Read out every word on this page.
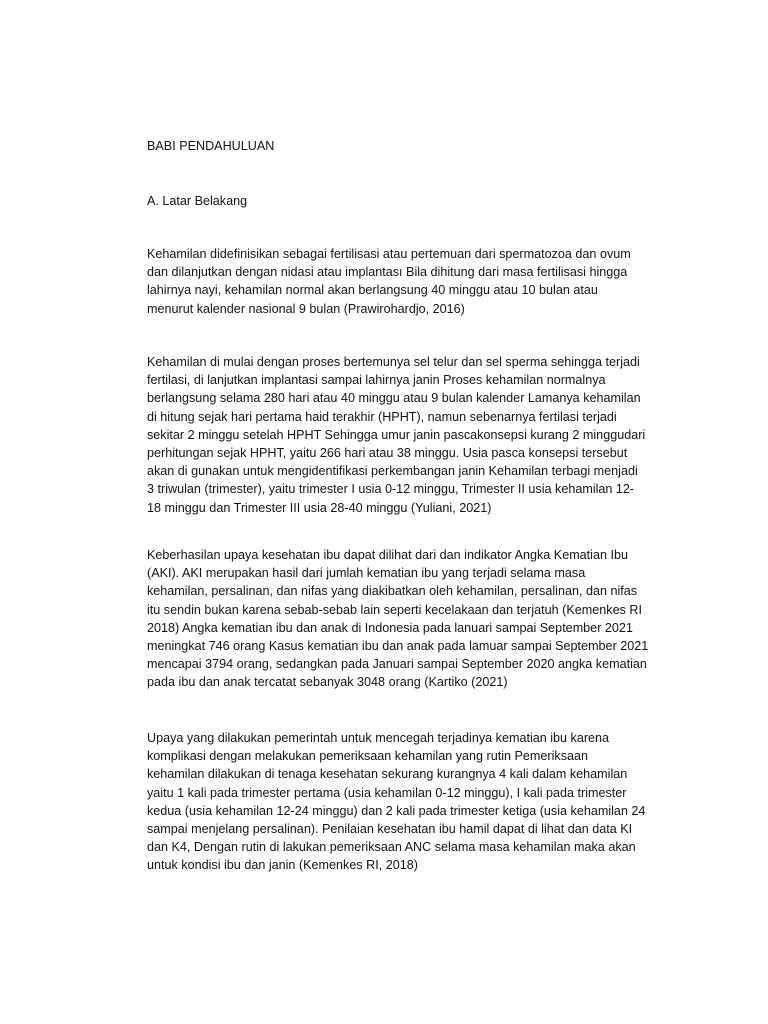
BABI PENDAHULUAN

A. Latar Belakang

Kehamilan didefinisikan sebagai fertilisasi atau pertemuan dari spermatozoa dan ovum
dan dilanjutkan dengan nidasi atau implantası Bila dihitung dari masa fertilisasi hingga
lahirnya nayi, kehamilan normal akan berlangsung 40 minggu atau 10 bulan atau
menurut kalender nasional 9 bulan (Prawirohardjo, 2016)

Kehamilan di mulai dengan proses bertemunya sel telur dan sel sperma sehingga terjadi
fertilasi, di lanjutkan implantasi sampai lahirnya janin Proses kehamilan normalnya
berlangsung selama 280 hari atau 40 minggu atau 9 bulan kalender Lamanya kehamilan
di hitung sejak hari pertama haid terakhir (HPHT), namun sebenarnya fertilasi terjadi
sekitar 2 minggu setelah HPHT Sehingga umur janin pascakonsepsi kurang 2 minggudari
perhitungan sejak HPHT, yaitu 266 hari atau 38 minggu. Usia pasca konsepsi tersebut
akan di gunakan untuk mengidentifikasi perkembangan janin Kehamilan terbagi menjadi
3 triwulan (trimester), yaitu trimester I usia 0-12 minggu, Trimester II usia kehamilan 12-
18 minggu dan Trimester III usia 28-40 minggu (Yuliani, 2021)

Keberhasilan upaya kesehatan ibu dapat dilihat dari dan indikator Angka Kematian Ibu
(AKI). AKI merupakan hasil dari jumlah kematian ibu yang terjadi selama masa
kehamilan, persalinan, dan nifas yang diakibatkan oleh kehamilan, persalinan, dan nifas
itu sendin bukan karena sebab-sebab lain seperti kecelakaan dan terjatuh (Kemenkes RI
2018) Angka kematian ibu dan anak di Indonesia pada lanuari sampai September 2021
meningkat 746 orang Kasus kematian ibu dan anak pada lamuar sampai September 2021
mencapai 3794 orang, sedangkan pada Januari sampai September 2020 angka kematian
pada ibu dan anak tercatat sebanyak 3048 orang (Kartiko (2021)

Upaya yang dilakukan pemerintah untuk mencegah terjadinya kematian ibu karena
komplikasi dengan melakukan pemeriksaan kehamilan yang rutin Pemeriksaan
kehamilan dilakukan di tenaga kesehatan sekurang kurangnya 4 kali dalam kehamilan
yaitu 1 kali pada trimester pertama (usia kehamilan 0-12 minggu), I kali pada trimester
kedua (usia kehamilan 12-24 minggu) dan 2 kali pada trimester ketiga (usia kehamilan 24
sampai menjelang persalinan). Penilaian kesehatan ibu hamil dapat di lihat dan data KI
dan K4, Dengan rutin di lakukan pemeriksaan ANC selama masa kehamilan maka akan
untuk kondisi ibu dan janin (Kemenkes RI, 2018)
